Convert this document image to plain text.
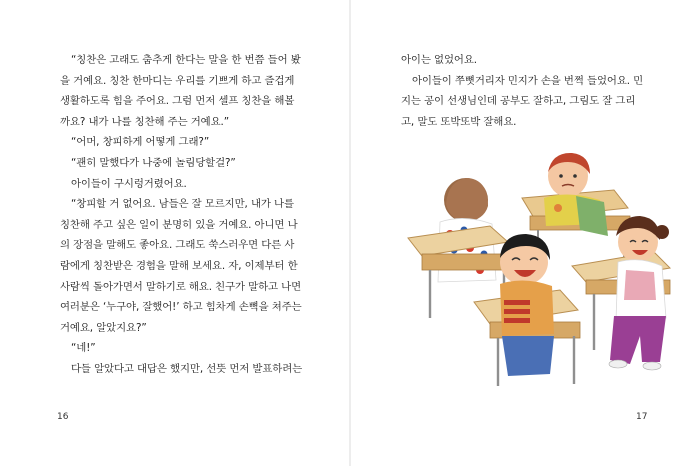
“칭찬은 고래도 춤추게 한다는 말을 한 번쯤 들어 봤

을 거예요. 칭찬 한마디는 우리를 기쁘게 하고 즐겁게

생활하도록 힘을 주어요. 그럼 먼저 셀프 칭찬을 해볼

까요? 내가 나를 칭찬해 주는 거예요.”

“어머, 창피하게 어떻게 그래?”

“괜히 말했다가 나중에 놀림당할걸?”

아이들이 구시렁거렸어요.

“창피할 거 없어요. 남들은 잘 모르지만, 내가 나를

칭찬해 주고 싶은 일이 분명히 있을 거예요. 아니면 나

의 장점을 말해도 좋아요. 그래도 쑥스러우면 다른 사

람에게 칭찬받은 경험을 말해 보세요. 자, 이제부터 한

사람씩 돌아가면서 말하기로 해요. 친구가 말하고 나면

여러분은 ‘누구야, 잘했어!’ 하고 힘차게 손뼉을 쳐주는

거예요, 알았지요?”

“네!”

다들 알았다고 대답은 했지만, 선뜻 먼저 발표하려는

16

아이는 없었어요.

아이들이 쭈뼛거리자 민지가 손을 번쩍 들었어요. 민

지는 공이 선생님인데 공부도 잘하고, 그림도 잘 그리

고, 말도 또박또박 잘해요.

17
